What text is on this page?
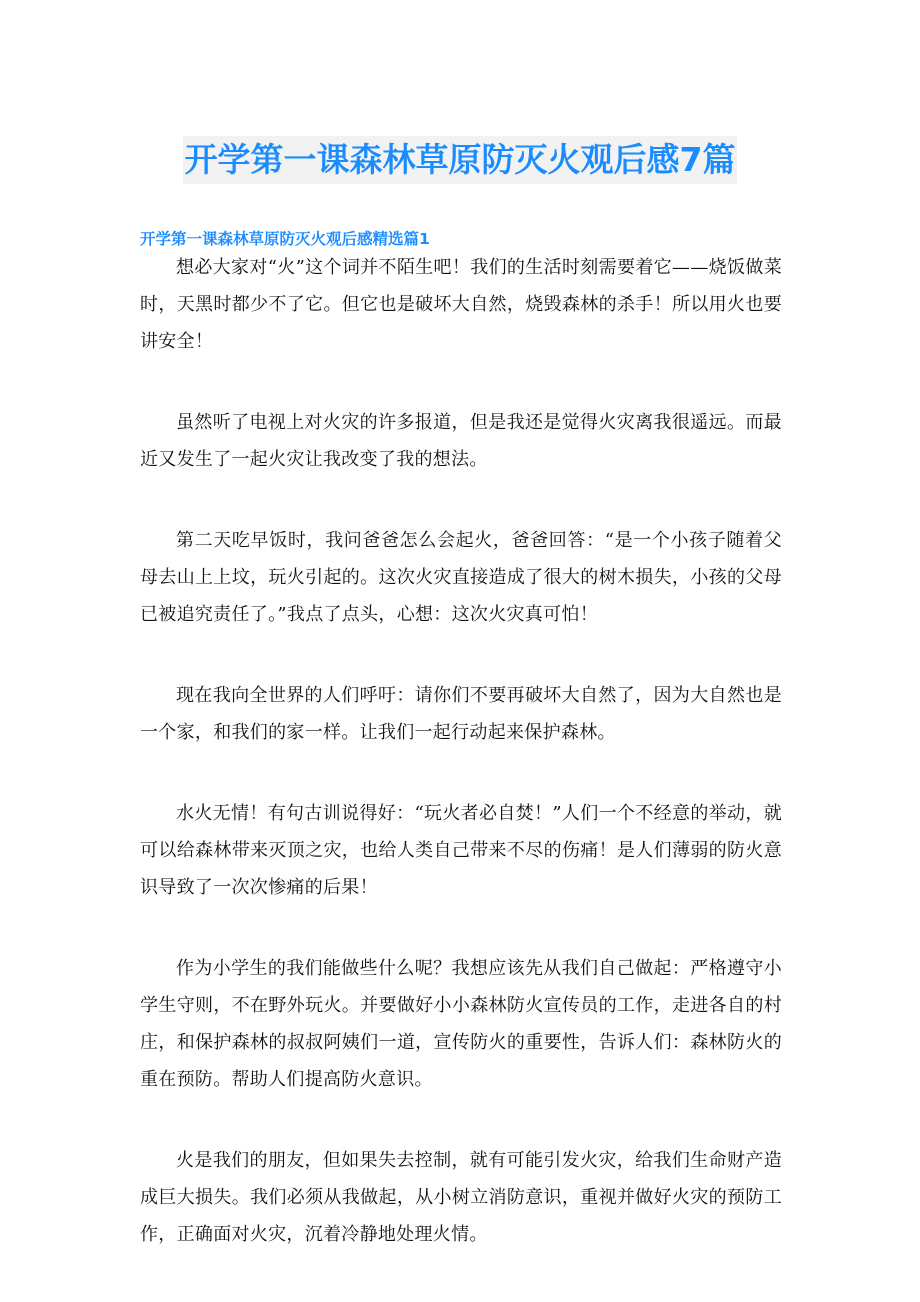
开学第一课森林草原防灭火观后感7篇
开学第一课森林草原防灭火观后感精选篇1

想必大家对“火”这个词并不陌生吧！我们的生活时刻需要着它——烧饭做菜时，天黑时都少不了它。但它也是破坏大自然，烧毁森林的杀手！所以用火也要讲安全！

虽然听了电视上对火灾的许多报道，但是我还是觉得火灾离我很遥远。而最近又发生了一起火灾让我改变了我的想法。

第二天吃早饭时，我问爸爸怎么会起火，爸爸回答：“是一个小孩子随着父母去山上上坟，玩火引起的。这次火灾直接造成了很大的树木损失，小孩的父母已被追究责任了。”我点了点头，心想：这次火灾真可怕！

现在我向全世界的人们呼吁：请你们不要再破坏大自然了，因为大自然也是一个家，和我们的家一样。让我们一起行动起来保护森林。

水火无情！有句古训说得好：“玩火者必自焚！”人们一个不经意的举动，就可以给森林带来灭顶之灾，也给人类自己带来不尽的伤痛！是人们薄弱的防火意识导致了一次次惨痛的后果！

作为小学生的我们能做些什么呢？我想应该先从我们自己做起：严格遵守小学生守则，不在野外玩火。并要做好小小森林防火宣传员的工作，走进各自的村庄，和保护森林的叔叔阿姨们一道，宣传防火的重要性，告诉人们：森林防火的重在预防。帮助人们提高防火意识。

火是我们的朋友，但如果失去控制，就有可能引发火灾，给我们生命财产造成巨大损失。我们必须从我做起，从小树立消防意识，重视并做好火灾的预防工作，正确面对火灾，沉着冷静地处理火情。
